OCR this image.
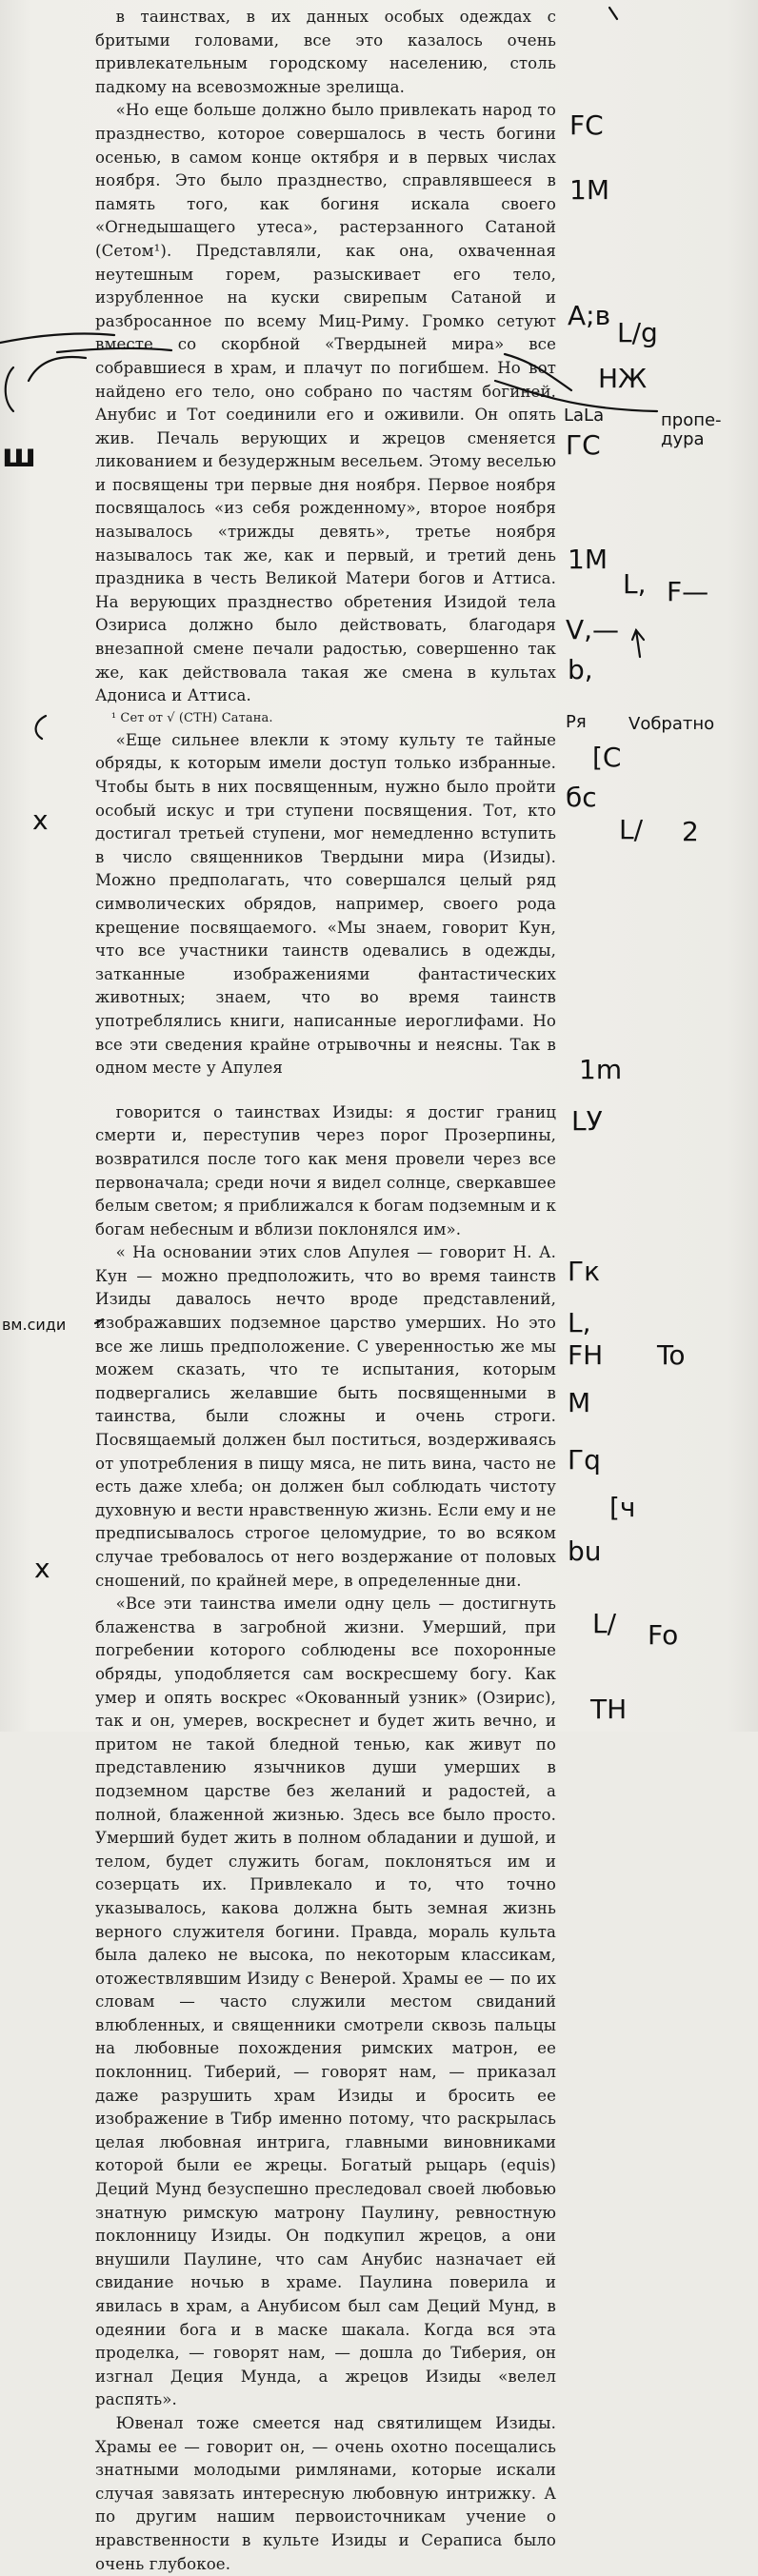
в таинствах, в их данных особых одеждах с бритыми головами, все это казалось очень привлекательным городскому населению, столь падкому на всевозможные зрелища.

«Но еще больше должно было привлекать народ то празднество, которое совершалось в честь богини осенью, в самом конце октября и в первых числах ноября. Это было празднество, справлявшееся в память того, как богиня искала своего «Огнедышащего утеса», растерзанного Сатаной (Сетом¹). Представляли, как она, охваченная неутешным горем, разыскивает его тело, изрубленное на куски свирепым Сатаной и разбросанное по всему Миц-Риму. Громко сетуют вместе со скорбной «Твердыней мира» все собравшиеся в храм, и плачут по погибшем. Но вот найдено его тело, оно собрано по частям богиней. Анубис и Тот соединили его и оживили. Он опять жив. Печаль верующих и жрецов сменяется ликованием и безудержным весельем. Этому веселью и посвящены три первые дня ноября. Первое ноября посвящалось «из себя рожденному», второе ноября называлось «трижды девять», третье ноября называлось так же, как и первый, и третий день праздника в честь Великой Матери богов и Аттиса. На верующих празднество обретения Изидой тела Озириса должно было действовать, благодаря внезапной смене печали радостью, совершенно так же, как действовала такая же смена в культах Адониса и Аттиса.

¹ Сет от √ (СТН) Сатана.

«Еще сильнее влекли к этому культу те тайные обряды, к которым имели доступ только избранные. Чтобы быть в них посвященным, нужно было пройти особый искус и три ступени посвящения. Тот, кто достигал третьей ступени, мог немедленно вступить в число священников Твердыни мира (Изиды). Можно предполагать, что совершался целый ряд символических обрядов, например, своего рода крещение посвящаемого. «Мы знаем, говорит Кун, что все участники таинств одевались в одежды, затканные изображениями фантастических животных; знаем, что во время таинств употреблялись книги, написанные иероглифами. Но все эти сведения крайне отрывочны и неясны. Так в одном месте у Апулея

говорится о таинствах Изиды: я достиг границ смерти и, переступив через порог Прозерпины, возвратился после того как меня провели через все первоначала; среди ночи я видел солнце, сверкавшее белым светом; я приближался к богам подземным и к богам небесным и вблизи поклонялся им».

« На основании этих слов Апулея — говорит Н. А. Кун — можно предположить, что во время таинств Изиды давалось нечто вроде представлений, изображавших подземное царство умерших. Но это все же лишь предположение. С уверенностью же мы можем сказать, что те испытания, которым подвергались желавшие быть посвященными в таинства, были сложны и очень строги. Посвящаемый должен был поститься, воздерживаясь от употребления в пищу мяса, не пить вина, часто не есть даже хлеба; он должен был соблюдать чистоту духовную и вести нравственную жизнь. Если ему и не предписывалось строгое целомудрие, то во всяком случае требовалось от него воздержание от половых сношений, по крайней мере, в определенные дни.

«Все эти таинства имели одну цель — достигнуть блаженства в загробной жизни. Умерший, при погребении которого соблюдены все похоронные обряды, уподобляется сам воскресшему богу. Как умер и опять воскрес «Окованный узник» (Озирис), так и он, умерев, воскреснет и будет жить вечно, и притом не такой бледной тенью, как живут по представлению язычников души умерших в подземном царстве без желаний и радостей, а полной, блаженной жизнью. Здесь все было просто. Умерший будет жить в полном обладании и душой, и телом, будет служить богам, поклоняться им и созерцать их. Привлекало и то, что точно указывалось, какова должна быть земная жизнь верного служителя богини. Правда, мораль культа была далеко не высока, по некоторым классикам, отожествлявшим Изиду с Венерой. Храмы ее — по их словам — часто служили местом свиданий влюбленных, и священники смотрели сквозь пальцы на любовные похождения римских матрон, ее поклонниц. Тиберий, — говорят нам, — приказал даже разрушить храм Изиды и бросить ее изображение в Тибр именно потому, что раскрылась целая любовная интрига, главными виновниками которой были ее жрецы. Богатый рыцарь (equis) Деций Мунд безуспешно преследовал своей любовью знатную римскую матрону Паулину, ревностную поклонницу Изиды. Он подкупил жрецов, а они внушили Паулине, что сам Анубис назначает ей свидание ночью в храме. Паулина поверила и явилась в храм, а Анубисом был сам Деций Мунд, в одеянии бога и в маске шакала. Когда вся эта проделка, — говорят нам, — дошла до Тиберия, он изгнал Деция Мунда, а жрецов Изиды «велел распять».

Ювенал тоже смеется над святилищем Изиды. Храмы ее — говорит он, — очень охотно посещались знатными молодыми римлянами, которые искали случая завязать интересную любовную интрижку. А по другим нашим первоисточникам учение о нравственности в культе Изиды и Сераписа было очень глубокое.

FC
1M
A;в
L/g
HЖ
LaLa	пропе-дура
ГC
1M
L, F—
V,—
b,
Ря Vобратно
[C
бc
L/ 2
1m
LУ
Гк
L,
FH To
M
Гq
[ч
bu
L/ Fo
TH
ш
х
вм.сиди
х
